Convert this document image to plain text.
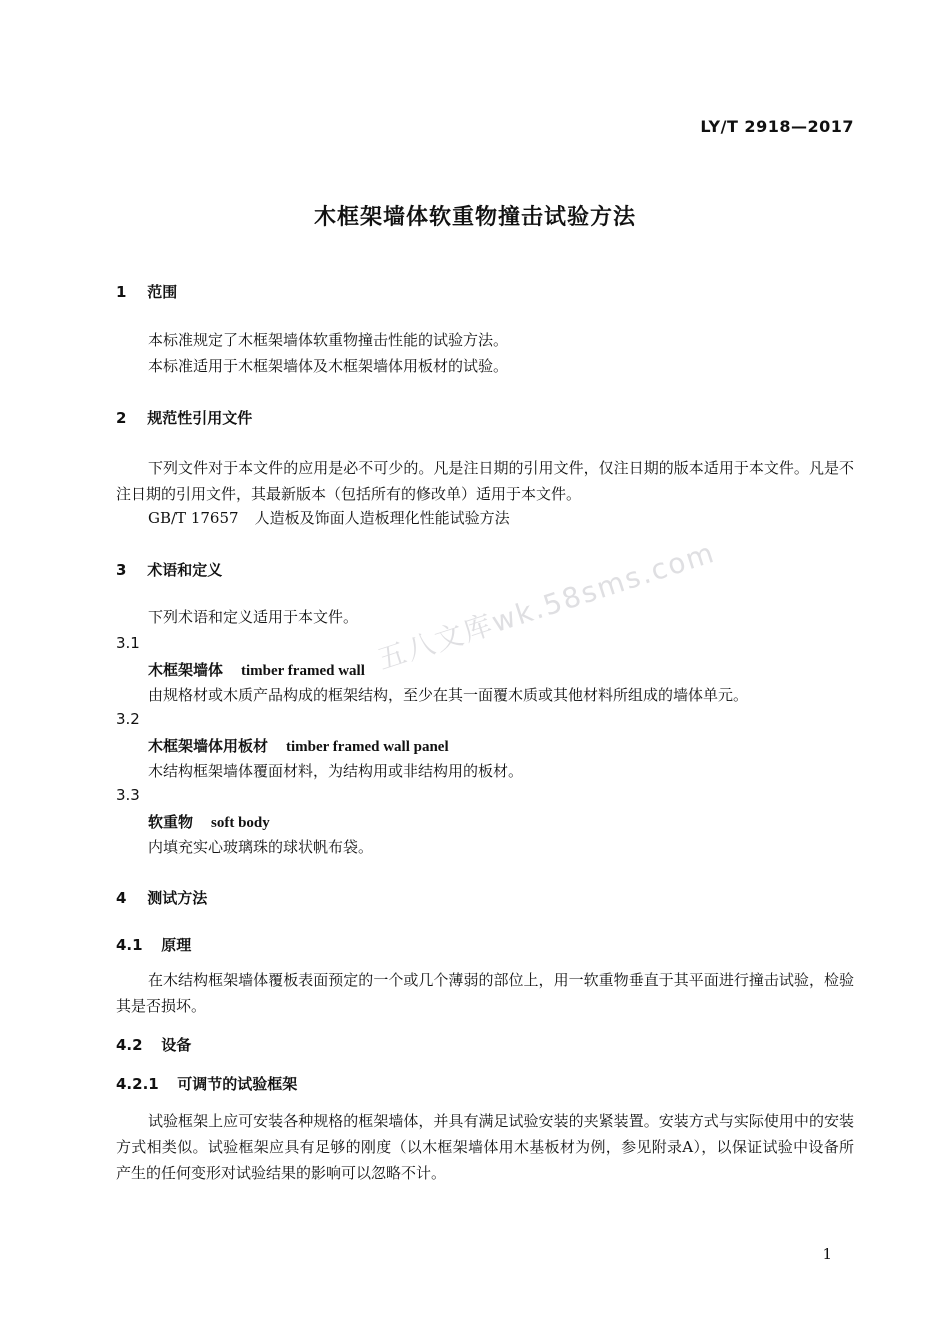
LY/T 2918—2017
木框架墙体软重物撞击试验方法
1 范围
本标准规定了木框架墙体软重物撞击性能的试验方法。
本标准适用于木框架墙体及木框架墙体用板材的试验。
2 规范性引用文件
下列文件对于本文件的应用是必不可少的。凡是注日期的引用文件，仅注日期的版本适用于本文件。凡是不注日期的引用文件，其最新版本（包括所有的修改单）适用于本文件。
GB/T 17657 人造板及饰面人造板理化性能试验方法
3 术语和定义
下列术语和定义适用于本文件。
3.1
木框架墙体 timber framed wall
由规格材或木质产品构成的框架结构，至少在其一面覆木质或其他材料所组成的墙体单元。
3.2
木框架墙体用板材 timber framed wall panel
木结构框架墙体覆面材料，为结构用或非结构用的板材。
3.3
软重物 soft body
内填充实心玻璃珠的球状帆布袋。
4 测试方法
4.1 原理
在木结构框架墙体覆板表面预定的一个或几个薄弱的部位上，用一软重物垂直于其平面进行撞击试验，检验其是否损坏。
4.2 设备
4.2.1 可调节的试验框架
试验框架上应可安装各种规格的框架墙体，并具有满足试验安装的夹紧装置。安装方式与实际使用中的安装方式相类似。试验框架应具有足够的刚度（以木框架墙体用木基板材为例，参见附录A），以保证试验中设备所产生的任何变形对试验结果的影响可以忽略不计。
五八文库wk.58sms.com
1
